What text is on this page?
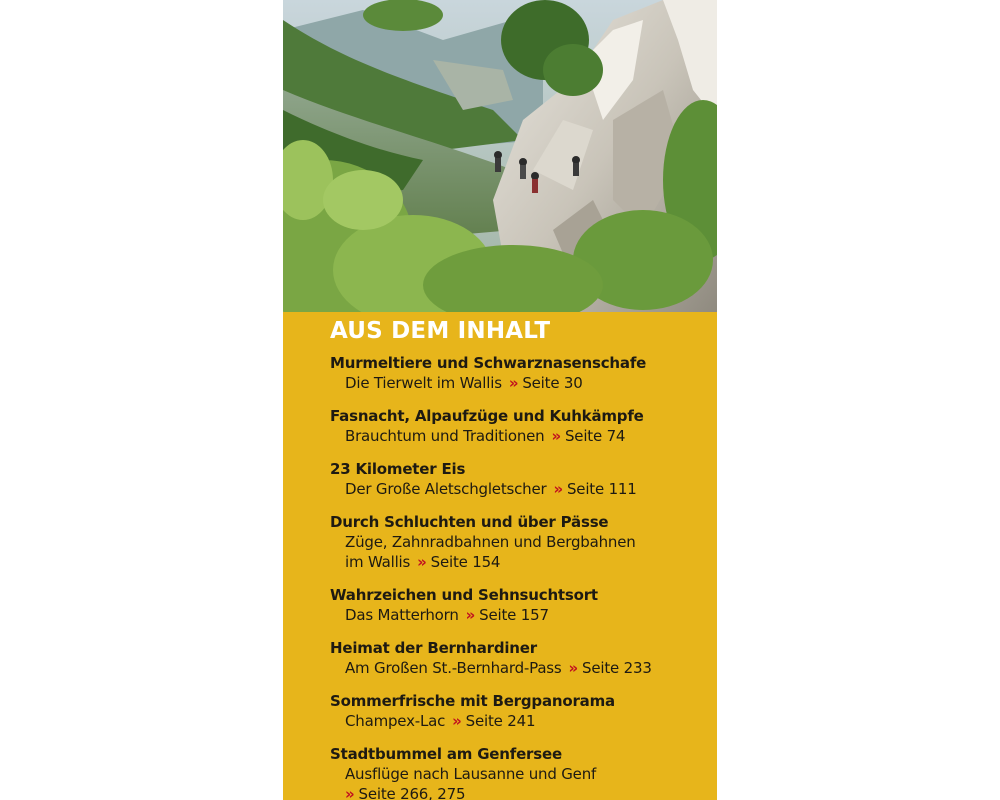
AUS DEM INHALT
Murmeltiere und Schwarznasenschafe
Die Tierwelt im Wallis » Seite 30
Fasnacht, Alpaufzüge und Kuhkämpfe
Brauchtum und Traditionen » Seite 74
23 Kilometer Eis
Der Große Aletschgletscher » Seite 111
Durch Schluchten und über Pässe
Züge, Zahnradbahnen und Bergbahnen
im Wallis » Seite 154
Wahrzeichen und Sehnsuchtsort
Das Matterhorn » Seite 157
Heimat der Bernhardiner
Am Großen St.-Bernhard-Pass » Seite 233
Sommerfrische mit Bergpanorama
Champex-Lac » Seite 241
Stadtbummel am Genfersee
Ausflüge nach Lausanne und Genf
» Seite 266, 275
